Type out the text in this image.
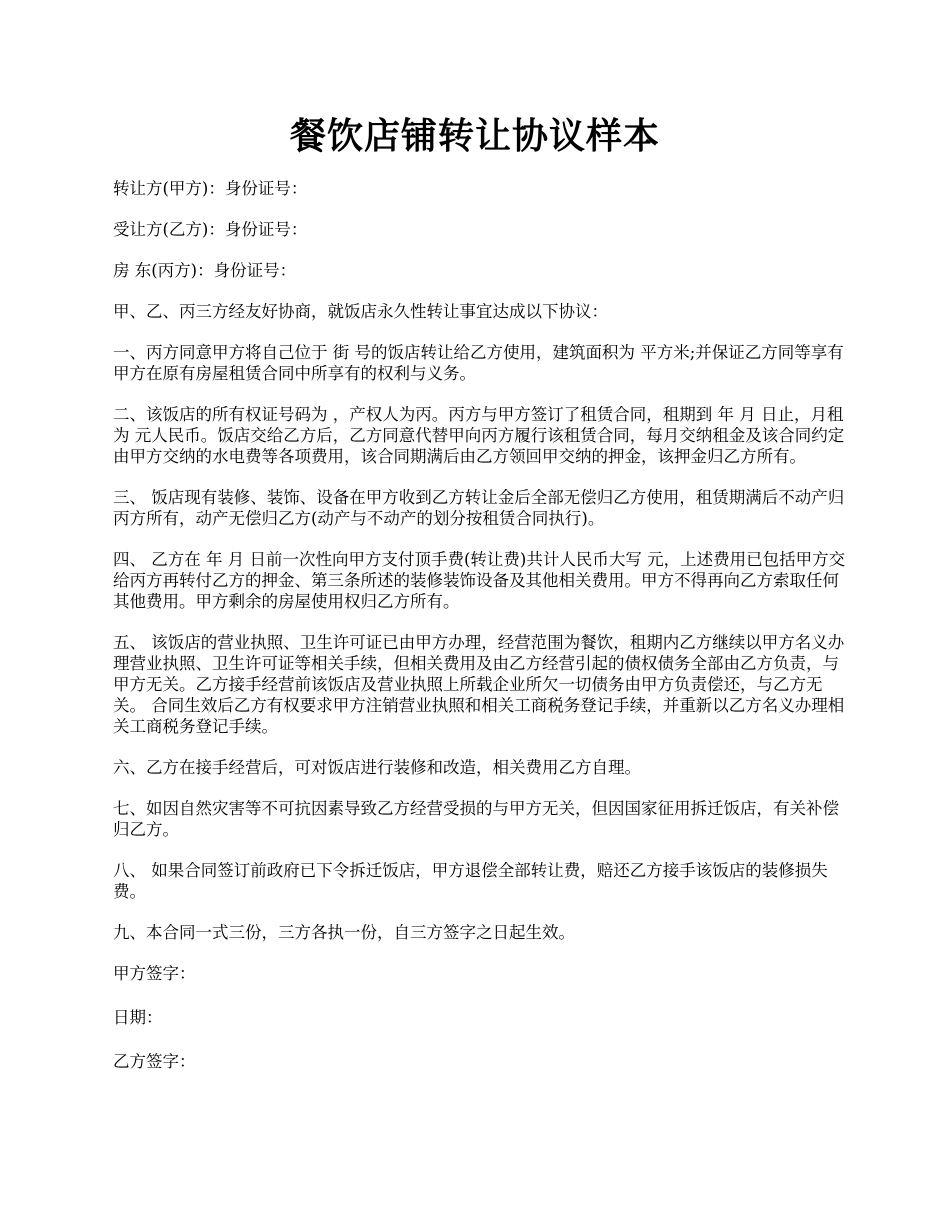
餐饮店铺转让协议样本

转让方(甲方)：身份证号：

受让方(乙方)：身份证号：

房 东(丙方)：身份证号：

甲、乙、丙三方经友好协商，就饭店永久性转让事宜达成以下协议：

一、丙方同意甲方将自己位于 街 号的饭店转让给乙方使用，建筑面积为 平方米;并保证乙方同等享有甲方在原有房屋租赁合同中所享有的权利与义务。

二、该饭店的所有权证号码为 ，产权人为丙。丙方与甲方签订了租赁合同，租期到 年 月 日止，月租为 元人民币。饭店交给乙方后，乙方同意代替甲向丙方履行该租赁合同，每月交纳租金及该合同约定由甲方交纳的水电费等各项费用，该合同期满后由乙方领回甲交纳的押金，该押金归乙方所有。

三、 饭店现有装修、装饰、设备在甲方收到乙方转让金后全部无偿归乙方使用，租赁期满后不动产归丙方所有，动产无偿归乙方(动产与不动产的划分按租赁合同执行)。

四、 乙方在 年 月 日前一次性向甲方支付顶手费(转让费)共计人民币大写 元，上述费用已包括甲方交给丙方再转付乙方的押金、第三条所述的装修装饰设备及其他相关费用。甲方不得再向乙方索取任何其他费用。甲方剩余的房屋使用权归乙方所有。

五、 该饭店的营业执照、卫生许可证已由甲方办理，经营范围为餐饮，租期内乙方继续以甲方名义办理营业执照、卫生许可证等相关手续，但相关费用及由乙方经营引起的债权债务全部由乙方负责，与甲方无关。乙方接手经营前该饭店及营业执照上所载企业所欠一切债务由甲方负责偿还，与乙方无关。 合同生效后乙方有权要求甲方注销营业执照和相关工商税务登记手续，并重新以乙方名义办理相关工商税务登记手续。

六、乙方在接手经营后，可对饭店进行装修和改造，相关费用乙方自理。

七、如因自然灾害等不可抗因素导致乙方经营受损的与甲方无关，但因国家征用拆迁饭店，有关补偿归乙方。

八、 如果合同签订前政府已下令拆迁饭店，甲方退偿全部转让费，赔还乙方接手该饭店的装修损失费。

九、本合同一式三份，三方各执一份，自三方签字之日起生效。

甲方签字：

日期：

乙方签字：
